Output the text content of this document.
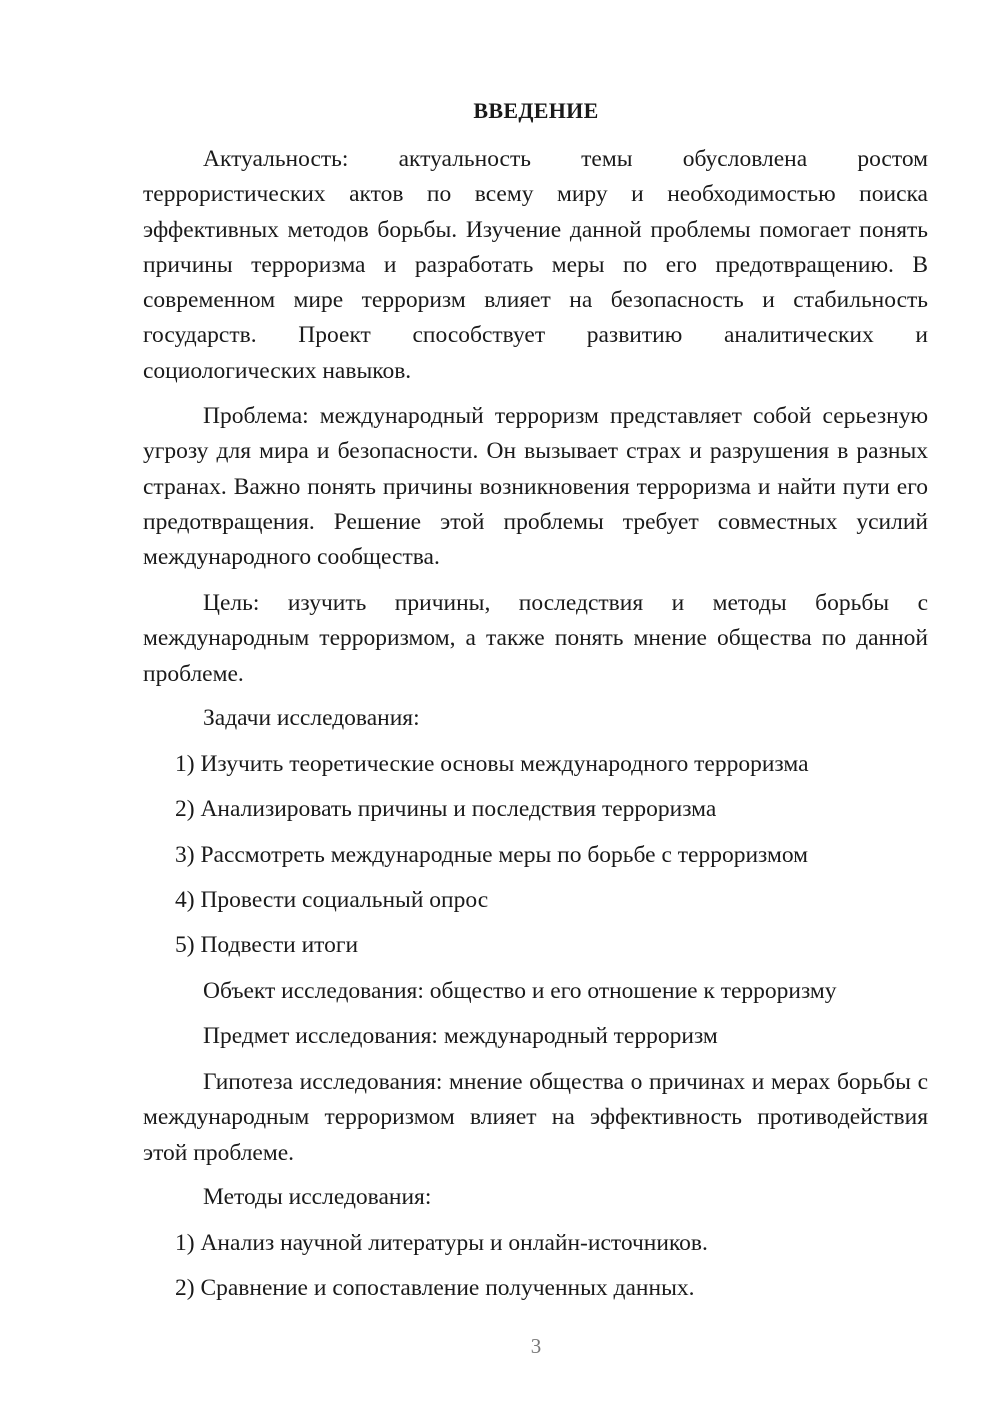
ВВЕДЕНИЕ

Актуальность: актуальность темы обусловлена ростом террористических актов по всему миру и необходимостью поиска эффективных методов борьбы. Изучение данной проблемы помогает понять причины терроризма и разработать меры по его предотвращению. В современном мире терроризм влияет на безопасность и стабильность государств. Проект способствует развитию аналитических и социологических навыков.

Проблема: международный терроризм представляет собой серьезную угрозу для мира и безопасности. Он вызывает страх и разрушения в разных странах. Важно понять причины возникновения терроризма и найти пути его предотвращения. Решение этой проблемы требует совместных усилий международного сообщества.

Цель: изучить причины, последствия и методы борьбы с международным терроризмом, а также понять мнение общества по данной проблеме.

Задачи исследования:

1) Изучить теоретические основы международного терроризма

2) Анализировать причины и последствия терроризма

3) Рассмотреть международные меры по борьбе с терроризмом

4) Провести социальный опрос

5) Подвести итоги

Объект исследования: общество и его отношение к терроризму

Предмет исследования: международный терроризм

Гипотеза исследования: мнение общества о причинах и мерах борьбы с международным терроризмом влияет на эффективность противодействия этой проблеме.

Методы исследования:

1) Анализ научной литературы и онлайн-источников.

2) Сравнение и сопоставление полученных данных.

3
